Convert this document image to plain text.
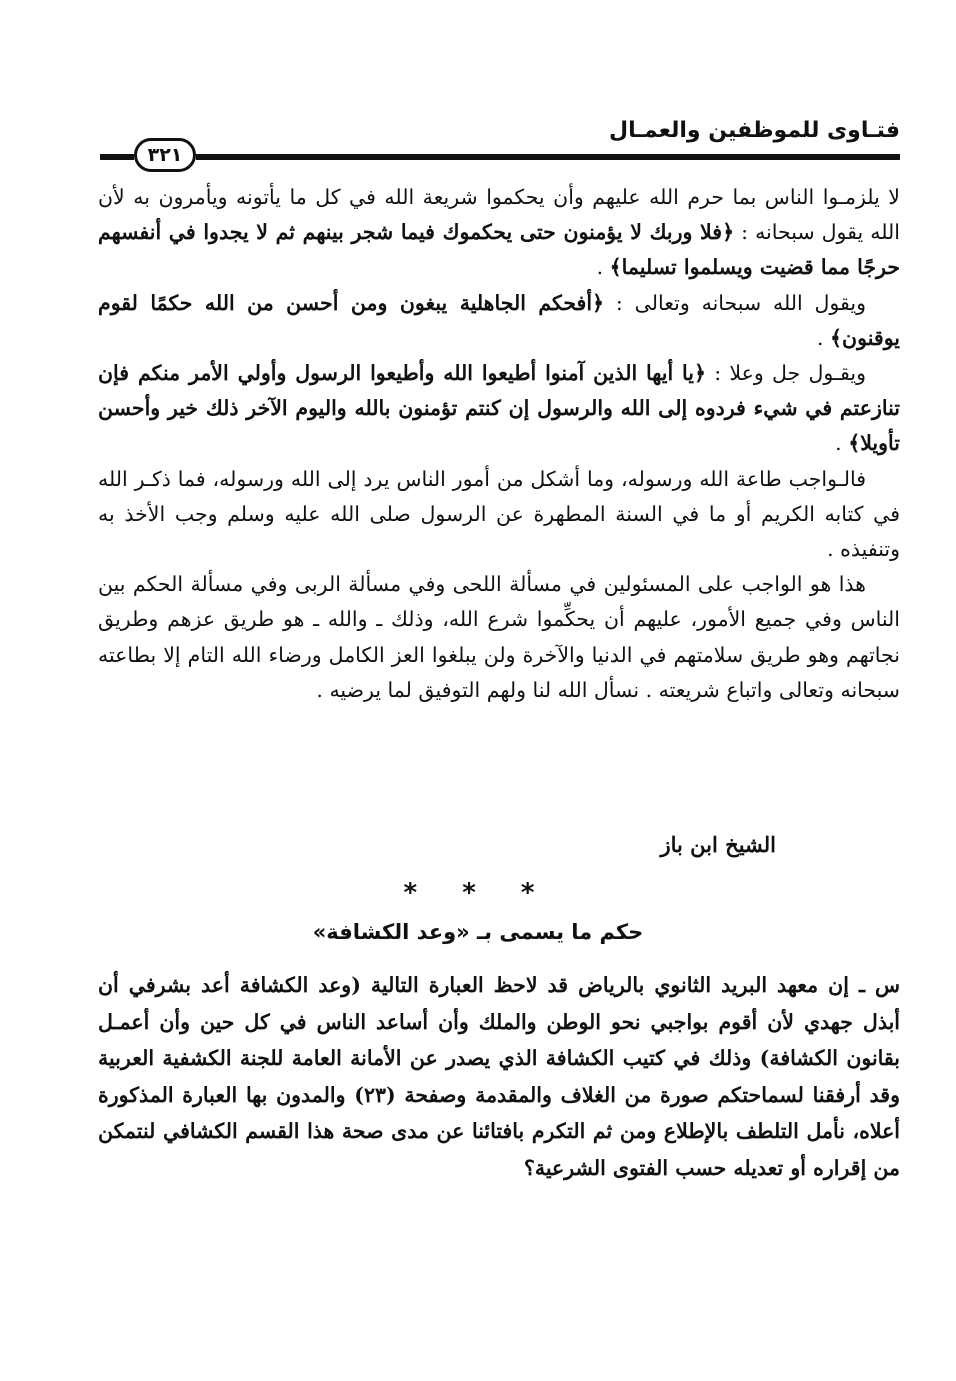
فتـاوى للموظفين والعمـال
٣٢١

لا يلزمـوا الناس بما حرم الله عليهم وأن يحكموا شريعة الله في كل ما يأتونه ويأمرون به لأن الله يقول سبحانه : ﴿فلا وربك لا يؤمنون حتى يحكموك فيما شجر بينهم ثم لا يجدوا في أنفسهم حرجًا مما قضيت ويسلموا تسليما﴾ .

ويقول الله سبحانه وتعالى : ﴿أفحكم الجاهلية يبغون ومن أحسن من الله حكمًا لقوم يوقنون﴾ .

ويقـول جل وعلا : ﴿يا أيها الذين آمنوا أطيعوا الله وأطيعوا الرسول وأولي الأمر منكم فإن تنازعتم في شيء فردوه إلى الله والرسول إن كنتم تؤمنون بالله واليوم الآخر ذلك خير وأحسن تأويلا﴾ .

فالـواجب طاعة الله ورسوله، وما أشكل من أمور الناس يرد إلى الله ورسوله، فما ذكـر الله في كتابه الكريم أو ما في السنة المطهرة عن الرسول صلى الله عليه وسلم وجب الأخذ به وتنفيذه .

هذا هو الواجب على المسئولين في مسألة اللحى وفي مسألة الربى وفي مسألة الحكم بين الناس وفي جميع الأمور، عليهم أن يحكِّموا شرع الله، وذلك ـ والله ـ هو طريق عزهم وطريق نجاتهم وهو طريق سلامتهم في الدنيا والآخرة ولن يبلغوا العز الكامل ورضاء الله التام إلا بطاعته سبحانه وتعالى واتباع شريعته . نسأل الله لنا ولهم التوفيق لما يرضيه .

الشيخ ابن باز
* * *
حكم ما يسمى بـ «وعد الكشافة»

س ـ إن معهد البريد الثانوي بالرياض قد لاحظ العبارة التالية (وعد الكشافة أعد بشرفي أن أبذل جهدي لأن أقوم بواجبي نحو الوطن والملك وأن أساعد الناس في كل حين وأن أعمـل بقانون الكشافة) وذلك في كتيب الكشافة الذي يصدر عن الأمانة العامة للجنة الكشفية العربية وقد أرفقنا لسماحتكم صورة من الغلاف والمقدمة وصفحة (٢٣) والمدون بها العبارة المذكورة أعلاه، نأمل التلطف بالإطلاع ومن ثم التكرم بافتائنا عن مدى صحة هذا القسم الكشافي لنتمكن من إقراره أو تعديله حسب الفتوى الشرعية؟
